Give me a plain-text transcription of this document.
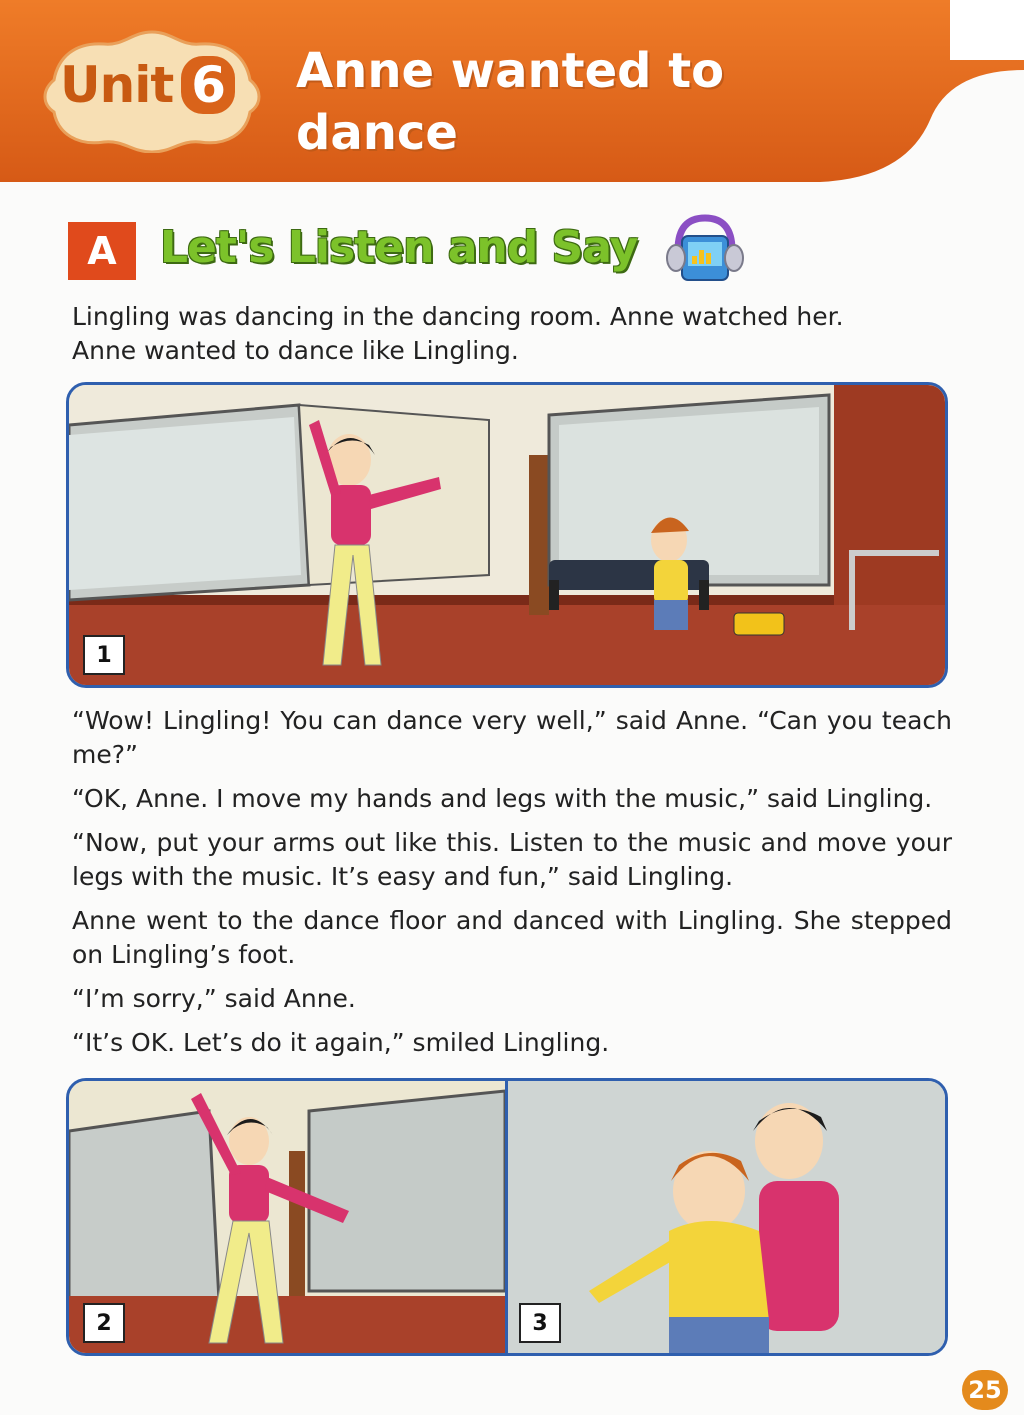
Unit 6 Anne wanted to
dance
A Let's Listen and Say

Lingling was dancing in the dancing room. Anne watched her.
Anne wanted to dance like Lingling.

1

“Wow! Lingling! You can dance very well,” said Anne. “Can you teach me?”

“OK, Anne. I move my hands and legs with the music,” said Lingling.

“Now, put your arms out like this. Listen to the music and move your legs with the music. It’s easy and fun,” said Lingling.

Anne went to the dance floor and danced with Lingling. She stepped on Lingling’s foot.

“I’m sorry,” said Anne.

“It’s OK. Let’s do it again,” smiled Lingling.

2	3
25
